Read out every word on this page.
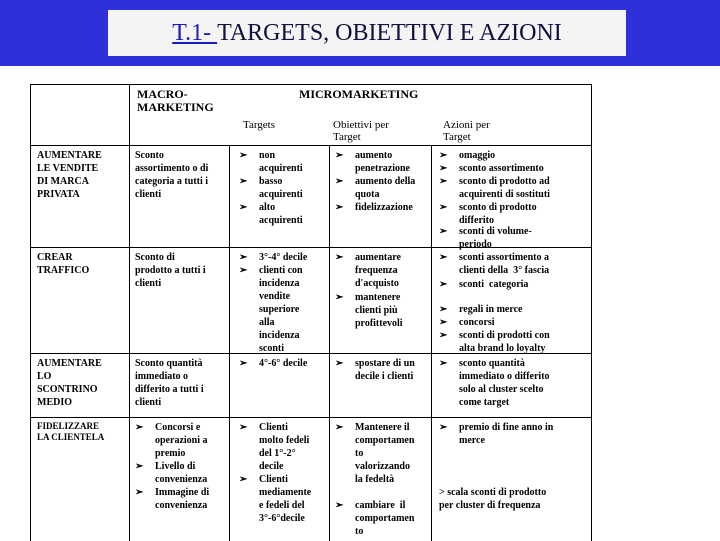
T.1- TARGETS, OBIETTIVI E AZIONI
MACRO-
MARKETING
MICROMARKETING
Targets	Obiettivi per
Target
Azioni per
Target
AUMENTARE
LE VENDITE
DI MARCA
PRIVATA
Sconto
assortimento o di
categoria a tutti i
clienti
➢ non
acquirenti
➢ basso
acquirenti
➢ alto
acquirenti
➢ aumento
penetrazione
➢ aumento della
quota
➢ fidelizzazione
➢ omaggio
➢ sconto assortimento
➢ sconto di prodotto ad
acquirenti di sostituti
➢ sconto di prodotto
differito
➢ sconti di volume-
periodo
CREAR
TRAFFICO
Sconto di
prodotto a tutti i
clienti
➢ 3°-4° decile
➢ clienti con
incidenza
vendite
superiore
alla
incidenza
sconti
➢ aumentare
frequenza
d'acquisto
➢ mantenere
clienti più
profittevoli
➢ sconti assortimento a
clienti della  3° fascia
➢ sconti  categoria
➢ regali in merce
➢ concorsi
➢ sconti di prodotti con
alta brand lo loyalty
AUMENTARE
LO
SCONTRINO
MEDIO
Sconto quantità
immediato o
differito a tutti i
clienti
➢ 4°-6° decile	➢ spostare di un
decile i clienti
➢ sconto quantità
immediato o differito
solo al cluster scelto
come target
FIDELIZZARE
LA CLIENTELA
➢ Concorsi e
operazioni a
premio
➢ Livello di
convenienza
➢ Immagine di
convenienza
➢ Clienti
molto fedeli
del 1°-2°
decile
➢ Clienti
mediamente
e fedeli del
3°-6°decile
➢ Mantenere il
comportamen
to
valorizzando
la fedeltà
➢ cambiare  il
comportamen
to
➢ premio di fine anno in
merce
> scala sconti di prodotto
per cluster di frequenza
